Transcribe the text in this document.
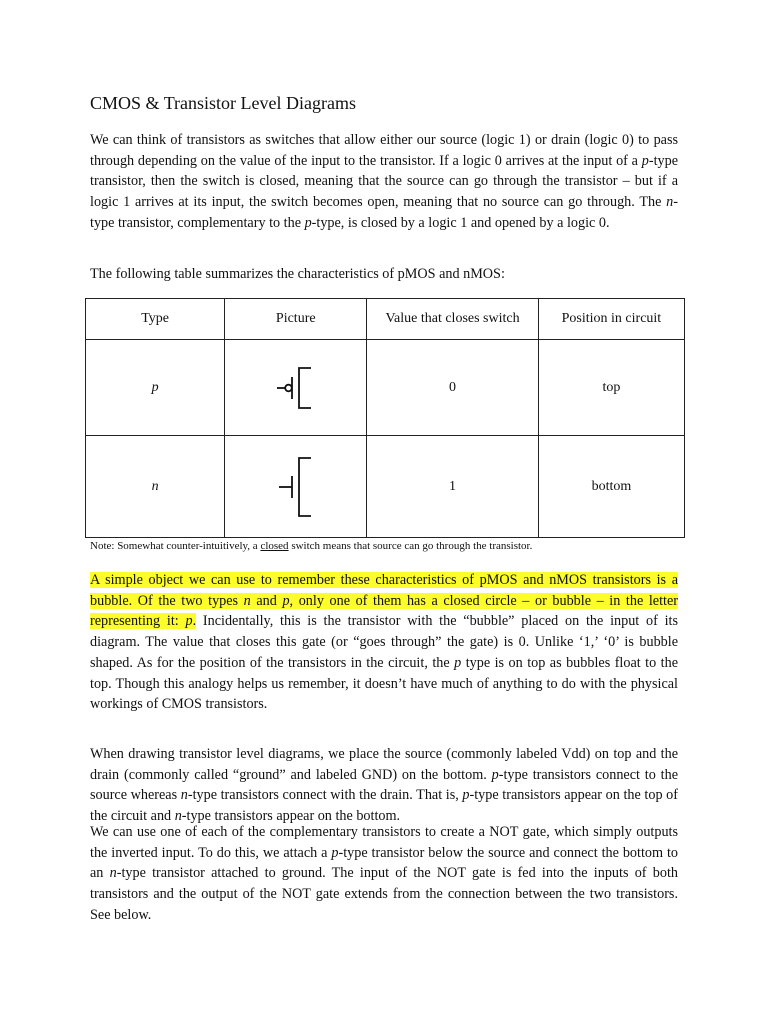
CMOS & Transistor Level Diagrams

We can think of transistors as switches that allow either our source (logic 1) or drain (logic 0) to pass through depending on the value of the input to the transistor. If a logic 0 arrives at the input of a p-type transistor, then the switch is closed, meaning that the source can go through the transistor – but if a logic 1 arrives at its input, the switch becomes open, meaning that no source can go through. The n-type transistor, complementary to the p-type, is closed by a logic 1 and opened by a logic 0.

The following table summarizes the characteristics of pMOS and nMOS:

Type	Picture	Value that closes switch	Position in circuit
p		0	top
n		1	bottom

Note: Somewhat counter-intuitively, a closed switch means that source can go through the transistor.

A simple object we can use to remember these characteristics of pMOS and nMOS transistors is a bubble. Of the two types n and p, only one of them has a closed circle – or bubble – in the letter representing it: p. Incidentally, this is the transistor with the “bubble” placed on the input of its diagram. The value that closes this gate (or “goes through” the gate) is 0. Unlike ‘1,’ ‘0’ is bubble shaped. As for the position of the transistors in the circuit, the p type is on top as bubbles float to the top. Though this analogy helps us remember, it doesn’t have much of anything to do with the physical workings of CMOS transistors.

When drawing transistor level diagrams, we place the source (commonly labeled Vdd) on top and the drain (commonly called “ground” and labeled GND) on the bottom. p-type transistors connect to the source whereas n-type transistors connect with the drain. That is, p-type transistors appear on the top of the circuit and n-type transistors appear on the bottom.

We can use one of each of the complementary transistors to create a NOT gate, which simply outputs the inverted input. To do this, we attach a p-type transistor below the source and connect the bottom to an n-type transistor attached to ground. The input of the NOT gate is fed into the inputs of both transistors and the output of the NOT gate extends from the connection between the two transistors. See below.
